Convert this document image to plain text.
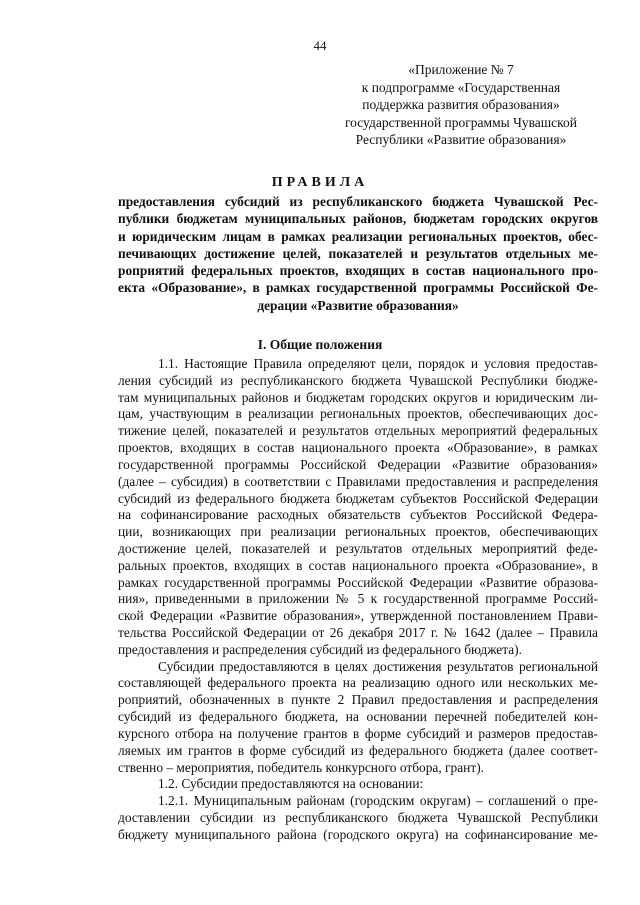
44
«Приложение № 7
к подпрограмме «Государственная
поддержка развития образования»
государственной программы Чувашской
Республики «Развитие образования»
ПРАВИЛА
предоставления субсидий из республиканского бюджета Чувашской Рес-
публики бюджетам муниципальных районов, бюджетам городских округов
и юридическим лицам в рамках реализации региональных проектов, обес-
печивающих достижение целей, показателей и результатов отдельных ме-
роприятий федеральных проектов, входящих в состав национального про-
екта «Образование», в рамках государственной программы Российской Фе-
дерации «Развитие образования»
I. Общие положения
1.1. Настоящие Правила определяют цели, порядок и условия предостав-
ления субсидий из республиканского бюджета Чувашской Республики бюдже-
там муниципальных районов и бюджетам городских округов и юридическим ли-
цам, участвующим в реализации региональных проектов, обеспечивающих дос-
тижение целей, показателей и результатов отдельных мероприятий федеральных
проектов, входящих в состав национального проекта «Образование», в рамках
государственной программы Российской Федерации «Развитие образования»
(далее – субсидия) в соответствии с Правилами предоставления и распределения
субсидий из федерального бюджета бюджетам субъектов Российской Федерации
на софинансирование расходных обязательств субъектов Российской Федера-
ции, возникающих при реализации региональных проектов, обеспечивающих
достижение целей, показателей и результатов отдельных мероприятий феде-
ральных проектов, входящих в состав национального проекта «Образование», в
рамках государственной программы Российской Федерации «Развитие образова-
ния», приведенными в приложении № 5 к государственной программе Россий-
ской Федерации «Развитие образования», утвержденной постановлением Прави-
тельства Российской Федерации от 26 декабря 2017 г. № 1642 (далее – Правила
предоставления и распределения субсидий из федерального бюджета).
Субсидии предоставляются в целях достижения результатов региональной
составляющей федерального проекта на реализацию одного или нескольких ме-
роприятий, обозначенных в пункте 2 Правил предоставления и распределения
субсидий из федерального бюджета, на основании перечней победителей кон-
курсного отбора на получение грантов в форме субсидий и размеров предостав-
ляемых им грантов в форме субсидий из федерального бюджета (далее соответ-
ственно – мероприятия, победитель конкурсного отбора, грант).
1.2. Субсидии предоставляются на основании:
1.2.1. Муниципальным районам (городским округам) – соглашений о пре-
доставлении субсидии из республиканского бюджета Чувашской Республики
бюджету муниципального района (городского округа) на софинансирование ме-
